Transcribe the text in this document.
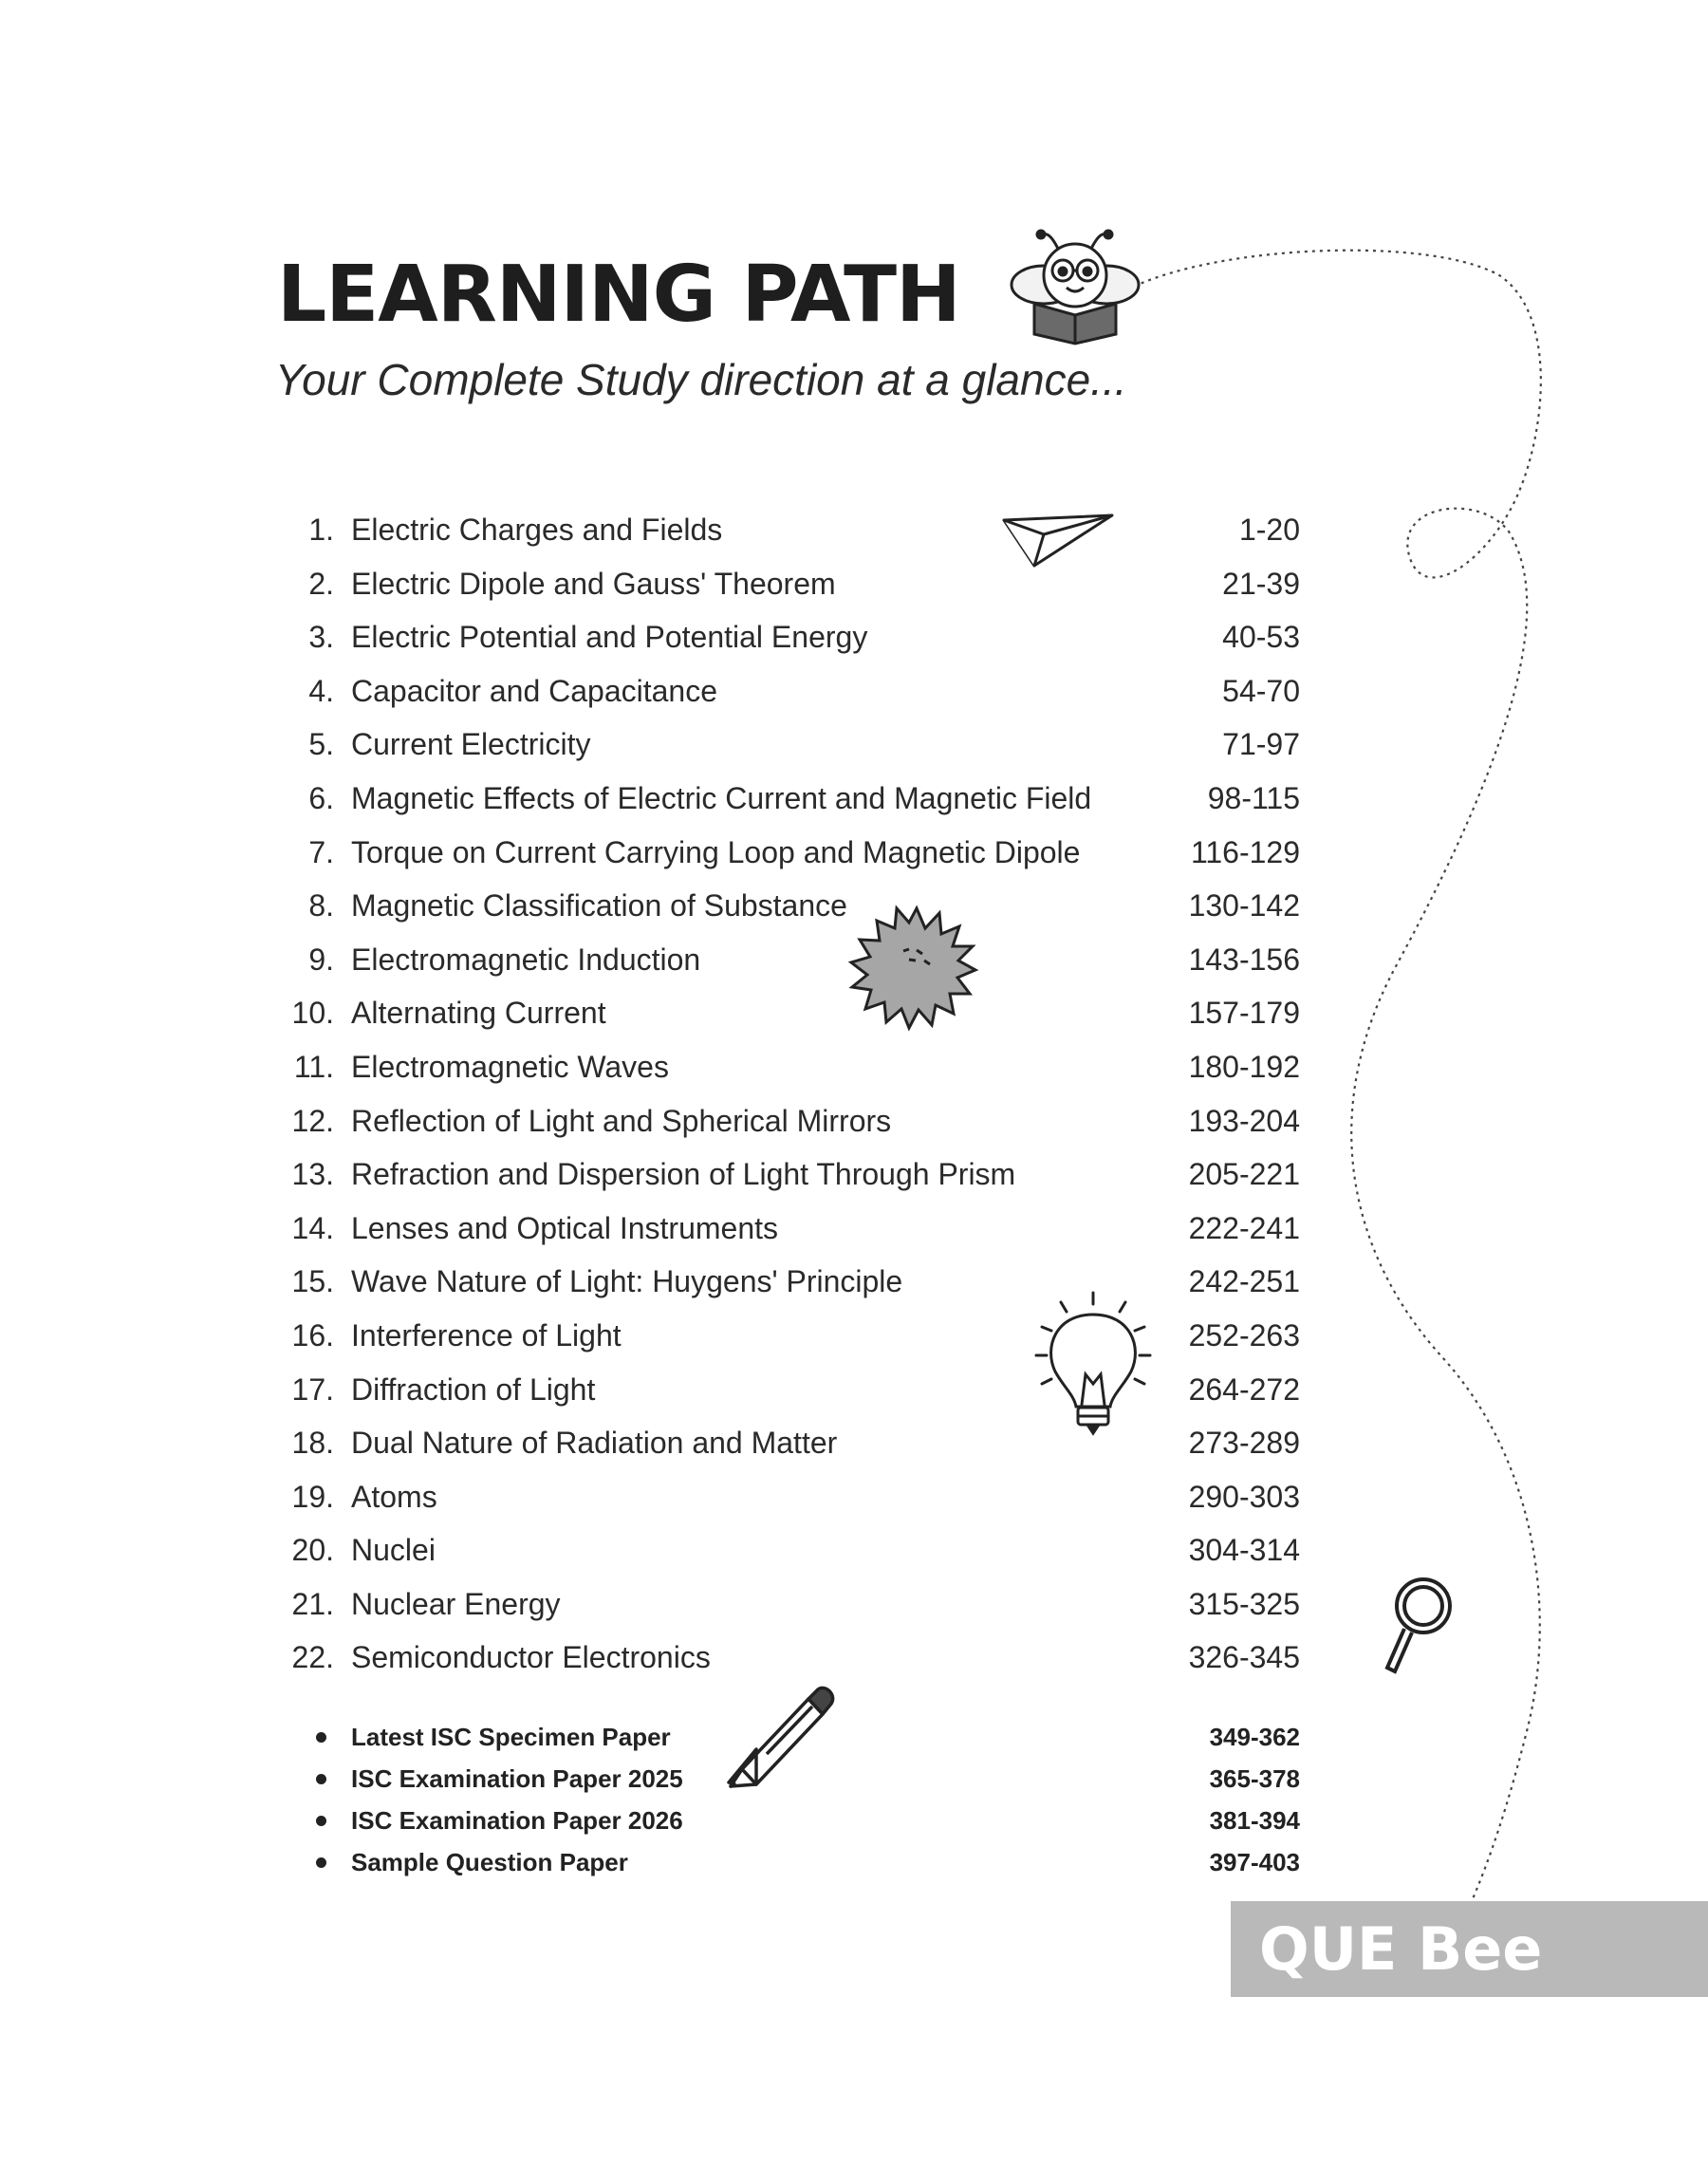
LEARNING PATH

Your Complete Study direction at a glance...

1. Electric Charges and Fields	1-20
2. Electric Dipole and Gauss' Theorem	21-39
3. Electric Potential and Potential Energy	40-53
4. Capacitor and Capacitance	54-70
5. Current Electricity	71-97
6. Magnetic Effects of Electric Current and Magnetic Field	98-115
7. Torque on Current Carrying Loop and Magnetic Dipole	116-129
8. Magnetic Classification of Substance	130-142
9. Electromagnetic Induction	143-156
10. Alternating Current	157-179
11. Electromagnetic Waves	180-192
12. Reflection of Light and Spherical Mirrors	193-204
13. Refraction and Dispersion of Light Through Prism	205-221
14. Lenses and Optical Instruments	222-241
15. Wave Nature of Light: Huygens' Principle	242-251
16. Interference of Light	252-263
17. Diffraction of Light	264-272
18. Dual Nature of Radiation and Matter	273-289
19. Atoms	290-303
20. Nuclei	304-314
21. Nuclear Energy	315-325
22. Semiconductor Electronics	326-345
Latest ISC Specimen Paper	349-362
ISC Examination Paper 2025	365-378
ISC Examination Paper 2026	381-394
Sample Question Paper	397-403
QUE Bee
